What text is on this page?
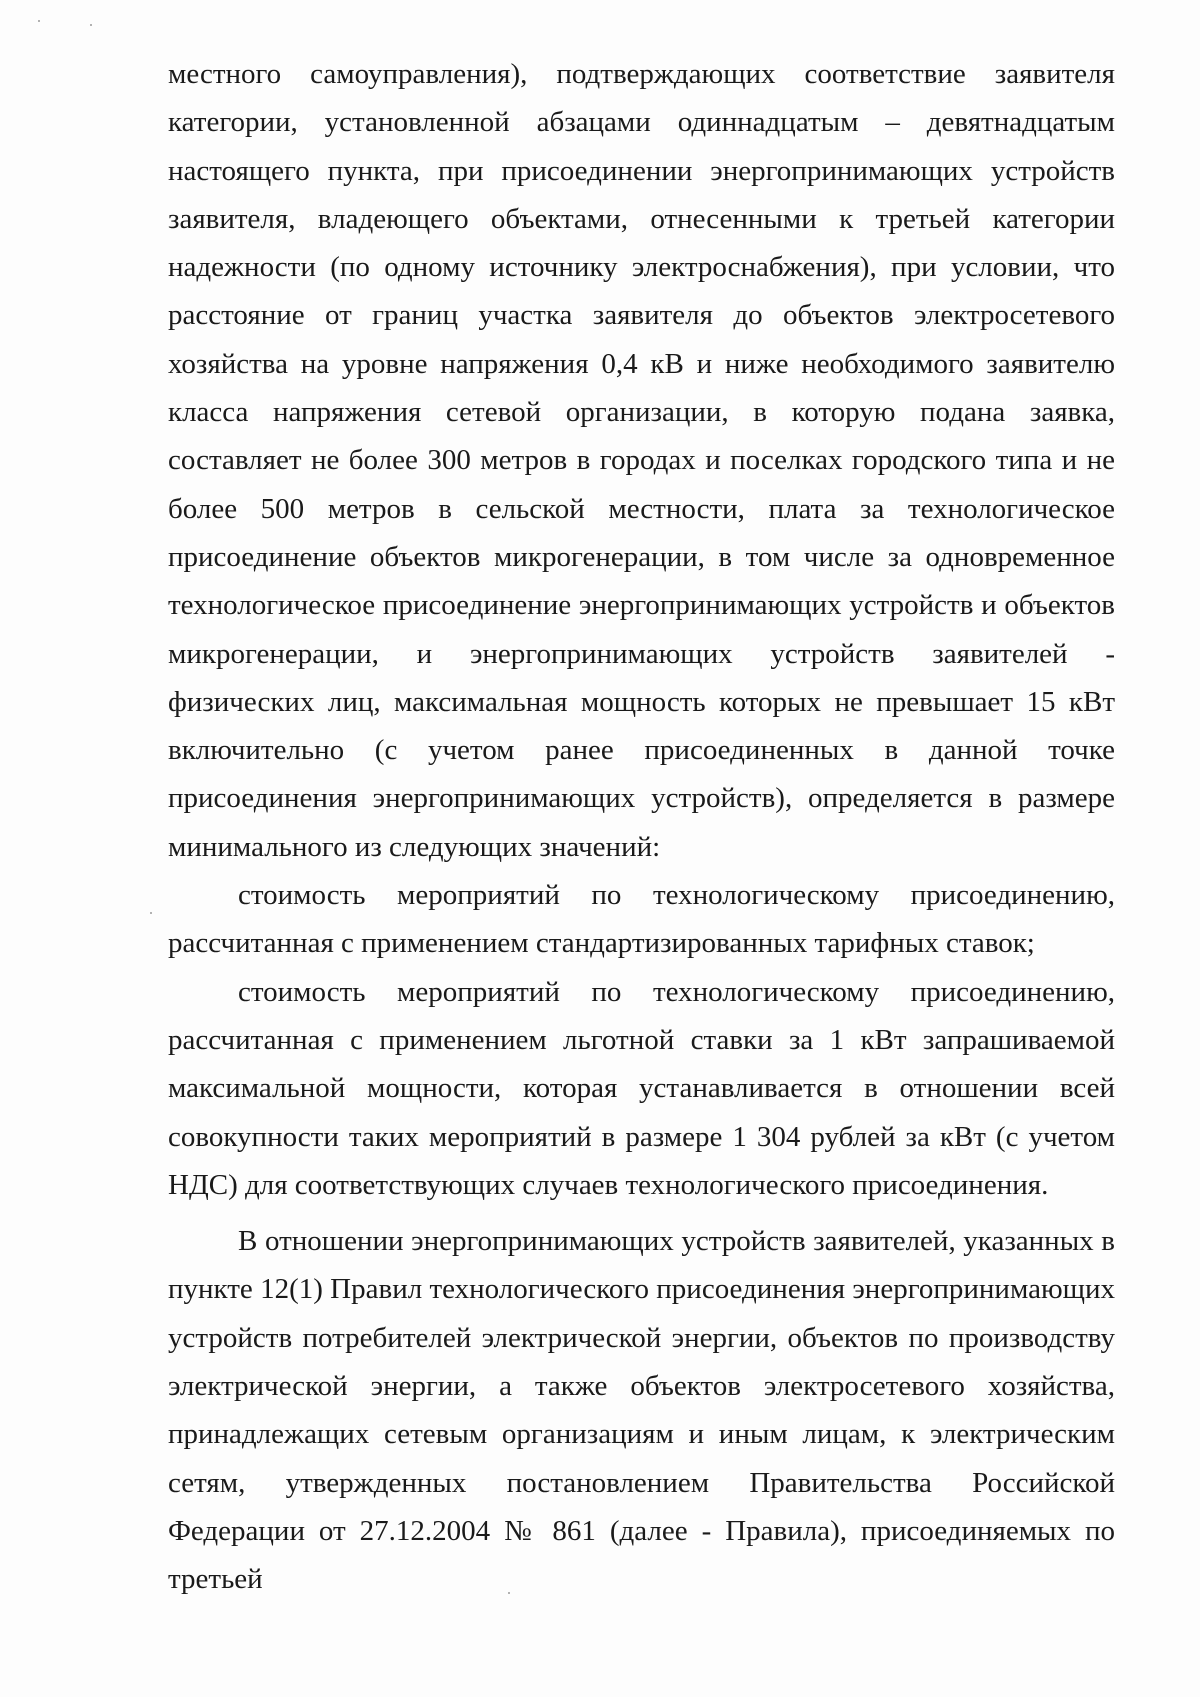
местного самоуправления), подтверждающих соответствие заявителя категории, установленной абзацами одиннадцатым – девятнадцатым настоящего пункта, при присоединении энергопринимающих устройств заявителя, владеющего объектами, отнесенными к третьей категории надежности (по одному источнику электроснабжения), при условии, что расстояние от границ участка заявителя до объектов электросетевого хозяйства на уровне напряжения 0,4 кВ и ниже необходимого заявителю класса напряжения сетевой организации, в которую подана заявка, составляет не более 300 метров в городах и поселках городского типа и не более 500 метров в сельской местности, плата за технологическое присоединение объектов микрогенерации, в том числе за одновременное технологическое присоединение энергопринимающих устройств и объектов микрогенерации, и энергопринимающих устройств заявителей - физических лиц, максимальная мощность которых не превышает 15 кВт включительно (с учетом ранее присоединенных в данной точке присоединения энергопринимающих устройств), определяется в размере минимального из следующих значений:

стоимость мероприятий по технологическому присоединению, рассчитанная с применением стандартизированных тарифных ставок;

стоимость мероприятий по технологическому присоединению, рассчитанная с применением льготной ставки за 1 кВт запрашиваемой максимальной мощности, которая устанавливается в отношении всей совокупности таких мероприятий в размере 1 304 рублей за кВт (с учетом НДС) для соответствующих случаев технологического присоединения.

В отношении энергопринимающих устройств заявителей, указанных в пункте 12(1) Правил технологического присоединения энергопринимающих устройств потребителей электрической энергии, объектов по производству электрической энергии, а также объектов электросетевого хозяйства, принадлежащих сетевым организациям и иным лицам, к электрическим сетям, утвержденных постановлением Правительства Российской Федерации от 27.12.2004 № 861 (далее - Правила), присоединяемых по третьей
